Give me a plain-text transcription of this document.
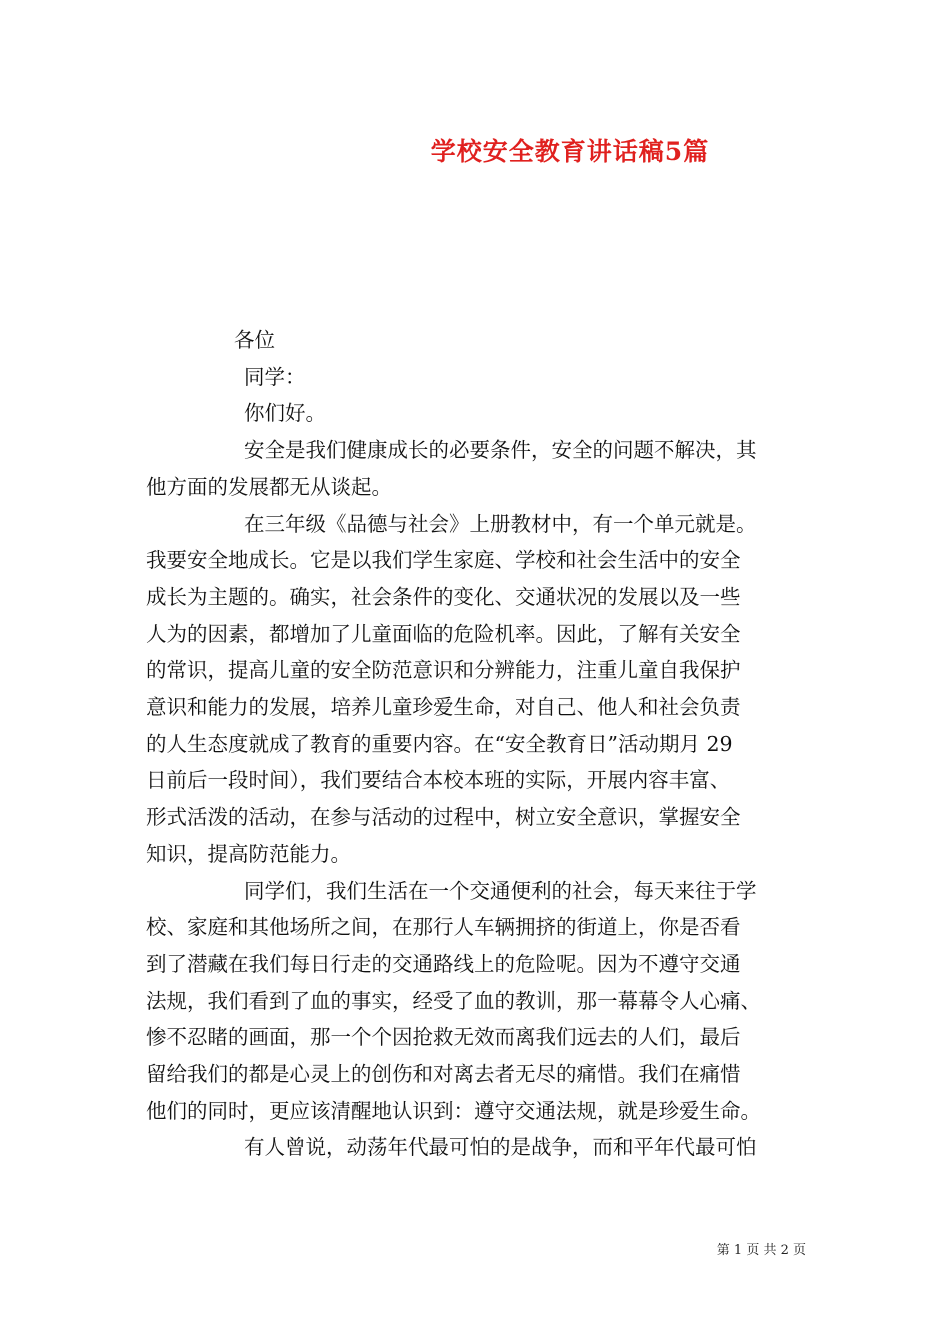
学校安全教育讲话稿5篇
各位
同学：
你们好。
安全是我们健康成长的必要条件，安全的问题不解决，其
他方面的发展都无从谈起。
在三年级《品德与社会》上册教材中，有一个单元就是。
我要安全地成长。它是以我们学生家庭、学校和社会生活中的安全
成长为主题的。确实，社会条件的变化、交通状况的发展以及一些
人为的因素，都增加了儿童面临的危险机率。因此，了解有关安全
的常识，提高儿童的安全防范意识和分辨能力，注重儿童自我保护
意识和能力的发展，培养儿童珍爱生命，对自己、他人和社会负责
的人生态度就成了教育的重要内容。在“安全教育日”活动期月 29
日前后一段时间），我们要结合本校本班的实际，开展内容丰富、
形式活泼的活动，在参与活动的过程中，树立安全意识，掌握安全
知识，提高防范能力。
同学们，我们生活在一个交通便利的社会，每天来往于学
校、家庭和其他场所之间，在那行人车辆拥挤的街道上，你是否看
到了潜藏在我们每日行走的交通路线上的危险呢。因为不遵守交通
法规，我们看到了血的事实，经受了血的教训，那一幕幕令人心痛、
惨不忍睹的画面，那一个个因抢救无效而离我们远去的人们，最后
留给我们的都是心灵上的创伤和对离去者无尽的痛惜。我们在痛惜
他们的同时，更应该清醒地认识到：遵守交通法规，就是珍爱生命。
有人曾说，动荡年代最可怕的是战争，而和平年代最可怕
第 1 页 共 2 页
